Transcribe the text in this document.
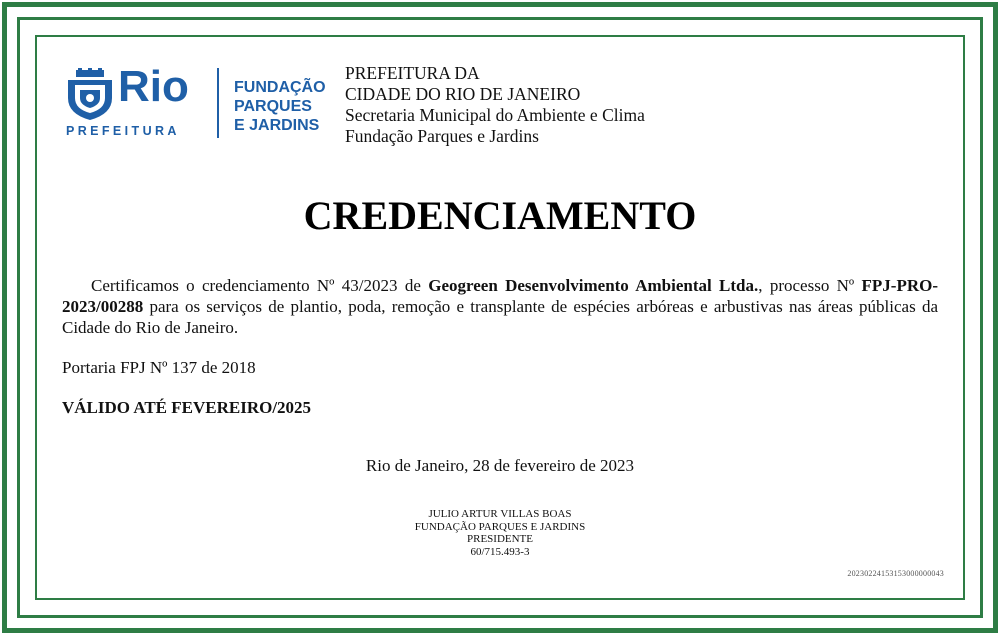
Rio
PREFEITURA
FUNDAÇÃO
PARQUES
E JARDINS
PREFEITURA DA
CIDADE DO RIO DE JANEIRO
Secretaria Municipal do Ambiente e Clima
Fundação Parques e Jardins
CREDENCIAMENTO
Certificamos o credenciamento Nº 43/2023 de Geogreen Desenvolvimento Ambiental Ltda., processo Nº FPJ-PRO-2023/00288 para os serviços de plantio, poda, remoção e transplante de espécies arbóreas e arbustivas nas áreas públicas da Cidade do Rio de Janeiro.
Portaria FPJ Nº 137 de 2018
VÁLIDO ATÉ FEVEREIRO/2025
Rio de Janeiro, 28 de fevereiro de 2023
JULIO ARTUR VILLAS BOAS
FUNDAÇÃO PARQUES E JARDINS
PRESIDENTE
60/715.493-3
20230224153153000000043
